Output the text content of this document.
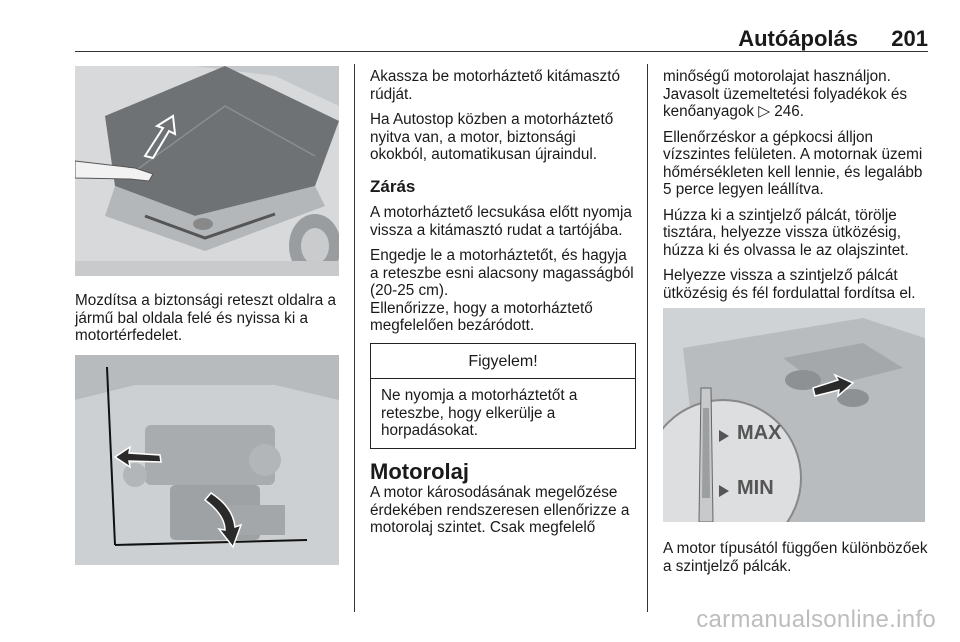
Autóápolás 201

Mozdítsa a biztonsági reteszt oldalra a jármű bal oldala felé és nyissa ki a motortérfedelet.

Akassza be motorháztető kitámasztó rúdját.

Ha Autostop közben a motorháztető nyitva van, a motor, biztonsági okokból, automatikusan újraindul.

Zárás

A motorháztető lecsukása előtt nyomja vissza a kitámasztó rudat a tartójába.

Engedje le a motorháztetőt, és hagyja a reteszbe esni alacsony magasságból (20-25 cm).

Ellenőrizze, hogy a motorháztető megfelelően bezáródott.

Figyelem!
Ne nyomja a motorháztetőt a reteszbe, hogy elkerülje a horpadásokat.
Motorolaj

A motor károsodásának megelőzése érdekében rendszeresen ellenőrizze a motorolaj szintet. Csak megfelelő

minőségű motorolajat használjon. Javasolt üzemeltetési folyadékok és kenőanyagok ▷ 246.

Ellenőrzéskor a gépkocsi álljon vízszintes felületen. A motornak üzemi hőmérsékleten kell lennie, és legalább 5 perce legyen leállítva.

Húzza ki a szintjelző pálcát, törölje tisztára, helyezze vissza ütközésig, húzza ki és olvassa le az olajszintet.

Helyezze vissza a szintjelző pálcát ütközésig és fél fordulattal fordítsa el.

MAX
MIN

A motor típusától függően különbözőek a szintjelző pálcák.

carmanualsonline.info
